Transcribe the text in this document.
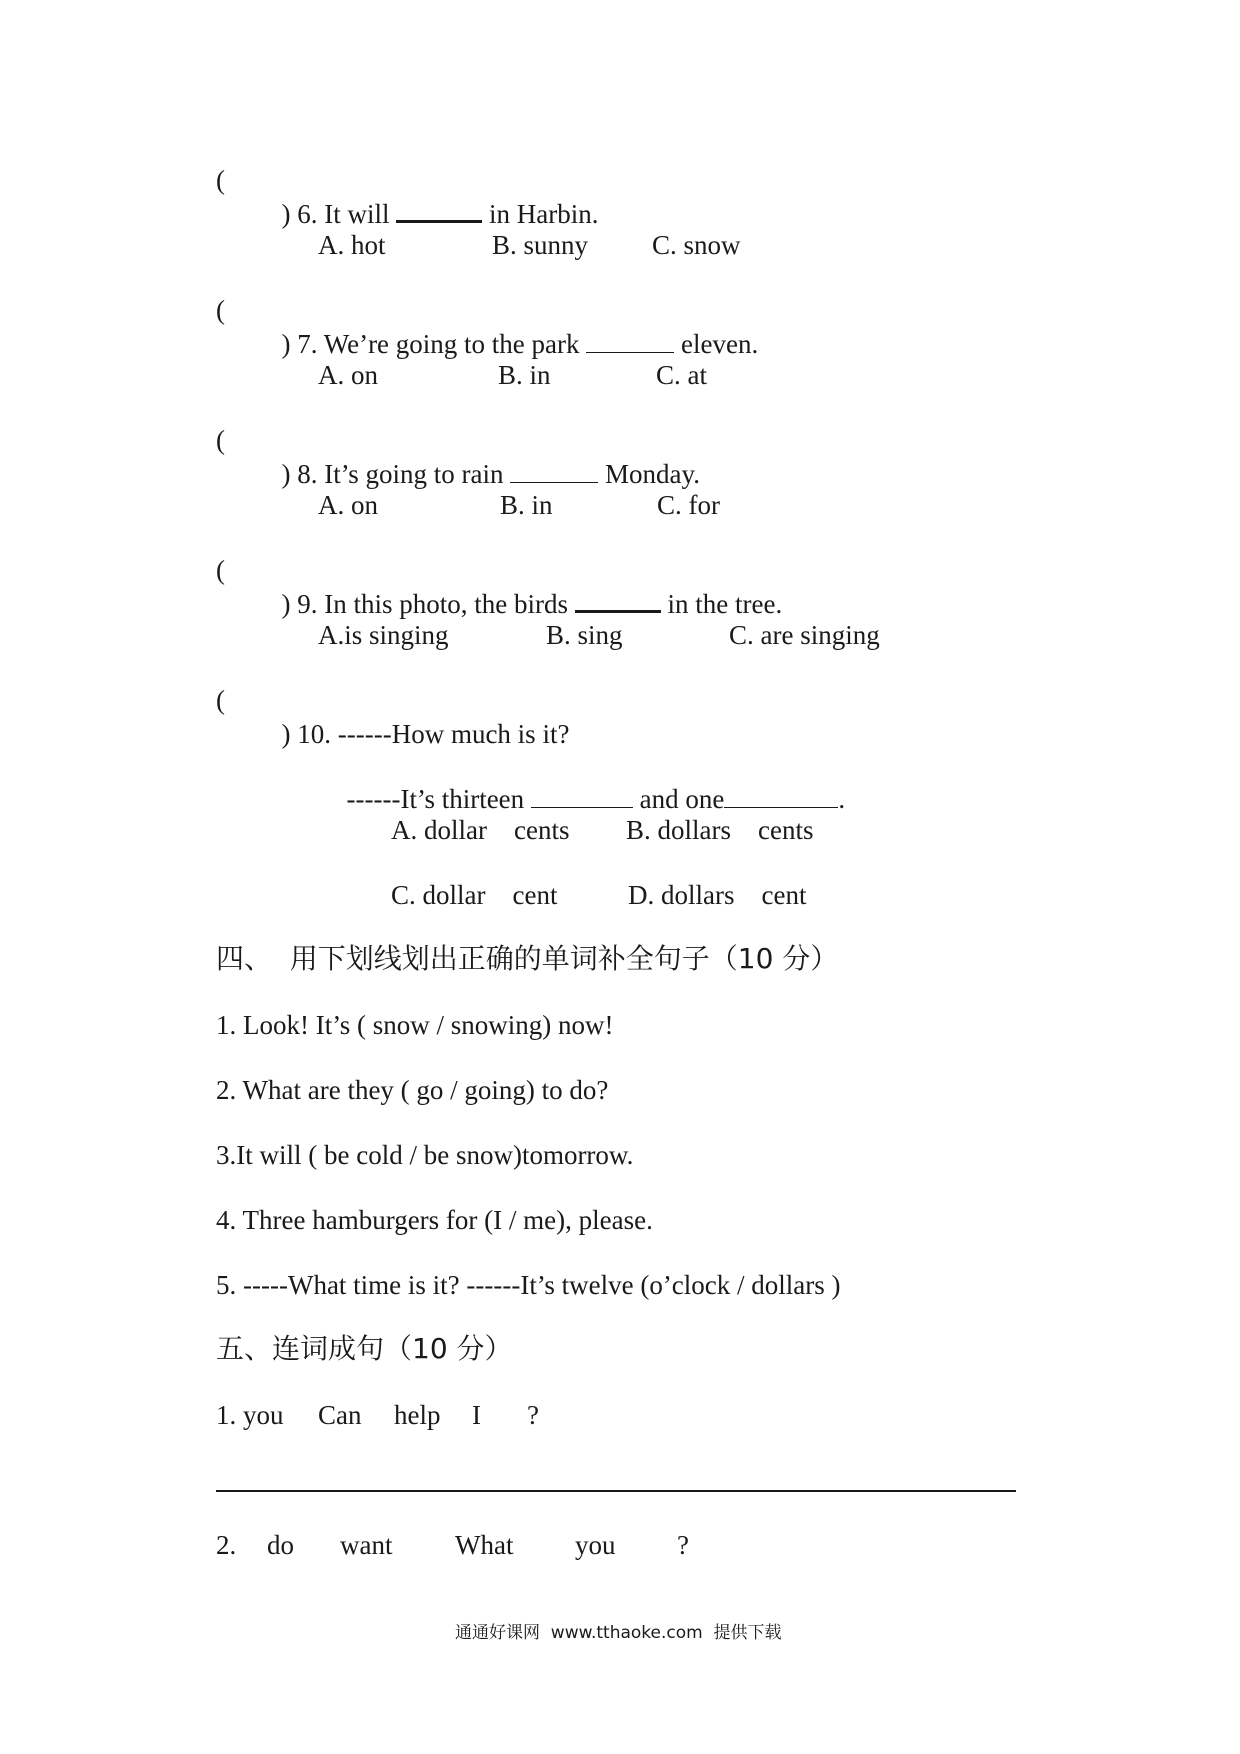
(

) 6. It will	in Harbin.

A. hot	B. sunny C. snow
(

) 7. We’re going to the park	eleven.

A. on	B. in	C. at
(

) 8. It’s going to rain	Monday.

A. on	B. in	C. for
(

) 9. In this photo, the birds	in the tree.

A.is singing	B. sing	C. are singing
(

) 10. ------How much is it?

------It’s thirteen	and one	.

A. dollar    cents B. dollars    cents
C. dollar    cent	D. dollars    cent
四、  用下划线划出正确的单词补全句子（10 分）
1. Look! It’s ( snow / snowing) now!
2. What are they ( go / going) to do?
3.It will ( be cold / be snow)tomorrow.
4. Three hamburgers for (I / me), please.
5. -----What time is it? ------It’s twelve (o’clock / dollars )
五、连词成句（10 分）
1. you Can help I ?
2. do want What you ?
通通好课网  www.tthaoke.com  提供下载
